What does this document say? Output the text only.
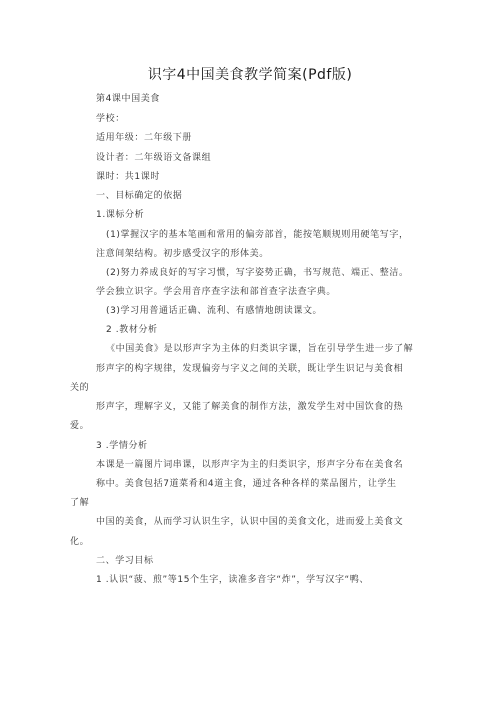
识字4中国美食教学简案(Pdf版)
第4课中国美食
学校：
适用年级：二年级下册
设计者：二年级语文备课组
课时：共1课时
一、目标确定的依据
1.课标分析
(1)掌握汉字的基本笔画和常用的偏旁部首，能按笔顺规则用硬笔写字，
注意间架结构。初步感受汉字的形体美。
(2)努力养成良好的写字习惯，写字姿势正确，书写规范、端正、整洁。
学会独立识字。学会用音序查字法和部首查字法查字典。
(3)学习用普通话正确、流利、有感情地朗读课文。
2 .教材分析
《中国美食》是以形声字为主体的归类识字课，旨在引导学生进一步了解
形声字的构字规律，发现偏旁与字义之间的关联，既让学生识记与美食相
关的
形声字，理解字义，又能了解美食的制作方法，激发学生对中国饮食的热
爱。
3 .学情分析
本课是一篇图片词串课，以形声字为主的归类识字，形声字分布在美食名
称中。美食包括7道菜肴和4道主食，通过各种各样的菜品图片，让学生
了解
中国的美食，从而学习认识生字，认识中国的美食文化，进而爱上美食文
化。
二、学习目标
1 .认识“菠、煎”等15个生字，读准多音字“炸”，学写汉字“鸭、
